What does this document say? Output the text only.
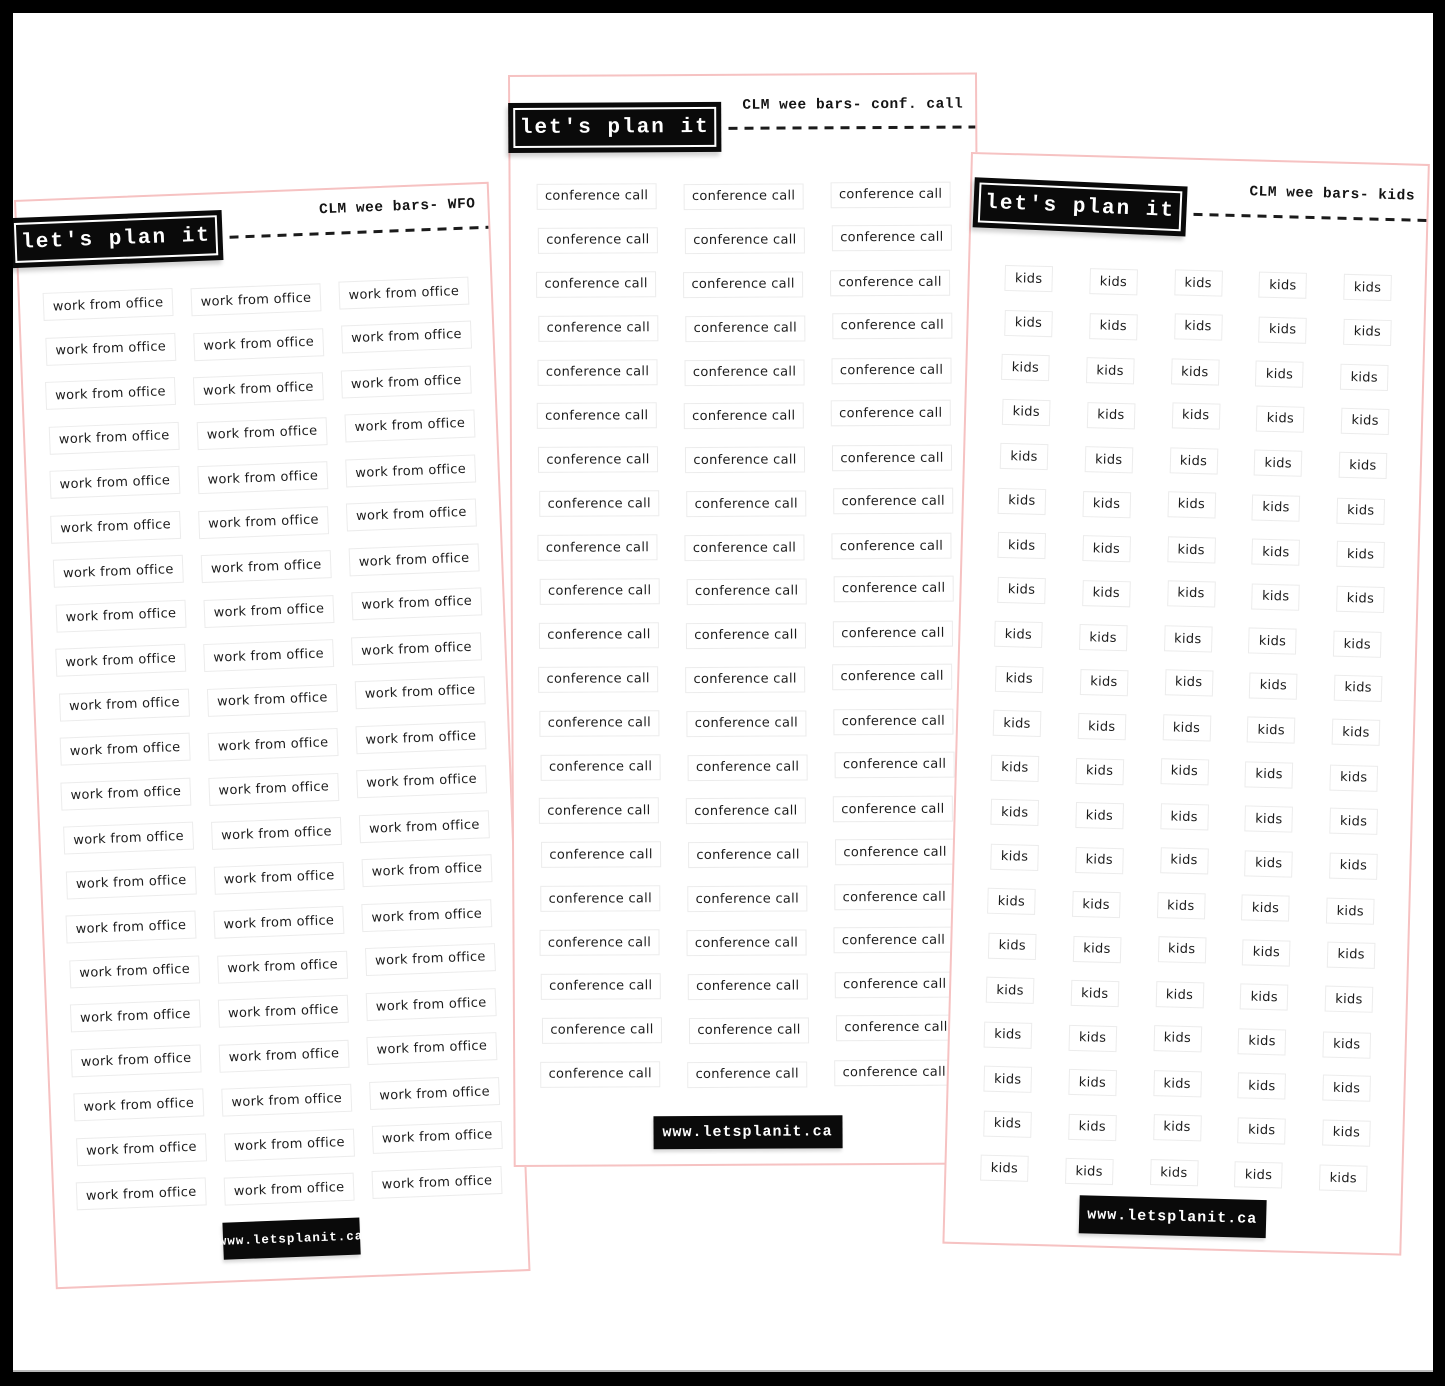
let's plan it
CLM wee bars- WFO
work from office	work from office	work from office
work from office	work from office	work from office
work from office	work from office	work from office
work from office	work from office	work from office
work from office	work from office	work from office
work from office	work from office	work from office
work from office	work from office	work from office
work from office	work from office	work from office
work from office	work from office	work from office
work from office	work from office	work from office
work from office	work from office	work from office
work from office	work from office	work from office
work from office	work from office	work from office
work from office	work from office	work from office
work from office	work from office	work from office
work from office	work from office	work from office
work from office	work from office	work from office
work from office	work from office	work from office
work from office	work from office	work from office
work from office	work from office	work from office
work from office	work from office	work from office
www.letsplanit.ca
let's plan it
CLM wee bars- conf. call
conference call	conference call	conference call
conference call	conference call	conference call
conference call	conference call	conference call
conference call	conference call	conference call
conference call	conference call	conference call
conference call	conference call	conference call
conference call	conference call	conference call
conference call	conference call	conference call
conference call	conference call	conference call
conference call	conference call	conference call
conference call	conference call	conference call
conference call	conference call	conference call
conference call	conference call	conference call
conference call	conference call	conference call
conference call	conference call	conference call
conference call	conference call	conference call
conference call	conference call	conference call
conference call	conference call	conference call
conference call	conference call	conference call
conference call	conference call	conference call
conference call	conference call	conference call
www.letsplanit.ca
let's plan it	CLM wee bars- kids
kids	kids	kids	kids	kids
kids	kids	kids	kids	kids
kids	kids	kids	kids	kids
kids	kids	kids	kids	kids
kids	kids	kids	kids	kids
kids	kids	kids	kids	kids
kids	kids	kids	kids	kids
kids	kids	kids	kids	kids
kids	kids	kids	kids	kids
kids	kids	kids	kids	kids
kids	kids	kids	kids	kids
kids	kids	kids	kids	kids
kids	kids	kids	kids	kids
kids	kids	kids	kids	kids
kids	kids	kids	kids	kids
kids	kids	kids	kids	kids
kids	kids	kids	kids	kids
kids	kids	kids	kids	kids
kids	kids	kids	kids	kids
kids	kids	kids	kids	kids
kids	kids	kids	kids	kids
www.letsplanit.ca
